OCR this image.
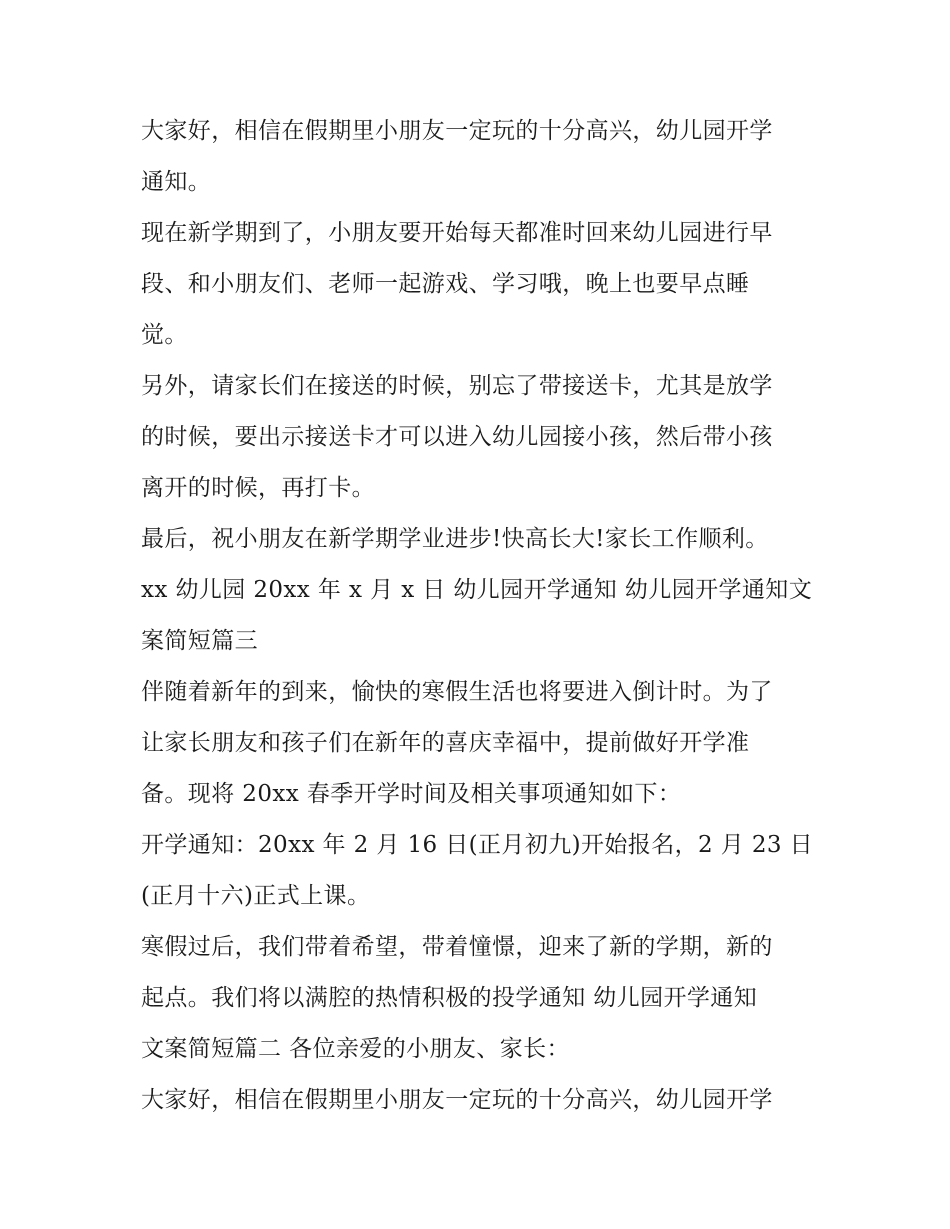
大家好，相信在假期里小朋友一定玩的十分高兴，幼儿园开学
通知。
现在新学期到了，小朋友要开始每天都准时回来幼儿园进行早
段、和小朋友们、老师一起游戏、学习哦，晚上也要早点睡
觉。
另外，请家长们在接送的时候，别忘了带接送卡，尤其是放学
的时候，要出示接送卡才可以进入幼儿园接小孩，然后带小孩
离开的时候，再打卡。
最后，祝小朋友在新学期学业进步!快高长大!家长工作顺利。
xx 幼儿园 20xx 年 x 月 x 日 幼儿园开学通知 幼儿园开学通知文
案简短篇三
伴随着新年的到来，愉快的寒假生活也将要进入倒计时。为了
让家长朋友和孩子们在新年的喜庆幸福中，提前做好开学准
备。现将 20xx 春季开学时间及相关事项通知如下：
开学通知：20xx 年 2 月 16 日(正月初九)开始报名，2 月 23 日
(正月十六)正式上课。
寒假过后，我们带着希望，带着憧憬，迎来了新的学期，新的
起点。我们将以满腔的热情积极的投学通知 幼儿园开学通知
文案简短篇二 各位亲爱的小朋友、家长：
大家好，相信在假期里小朋友一定玩的十分高兴，幼儿园开学
